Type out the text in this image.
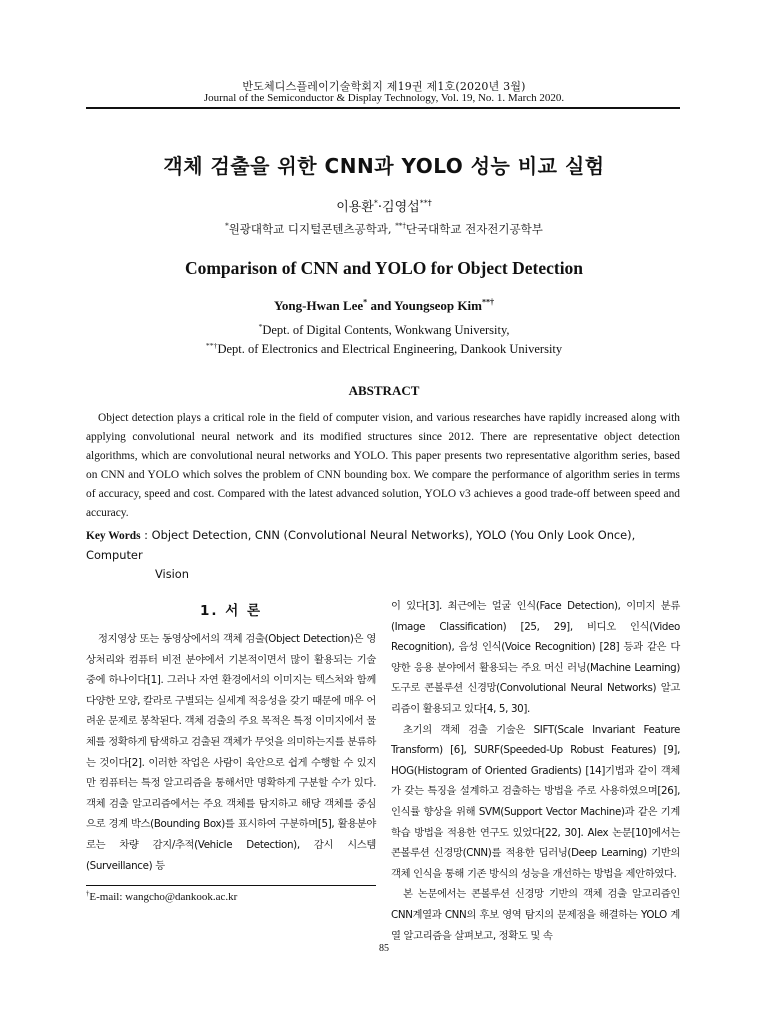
반도체디스플레이기술학회지 제19권 제1호(2020년 3월)
Journal of the Semiconductor & Display Technology, Vol. 19, No. 1. March 2020.
객체 검출을 위한 CNN과 YOLO 성능 비교 실험
이용환*·김영섭**†
*원광대학교 디지털콘텐츠공학과, **†단국대학교 전자전기공학부
Comparison of CNN and YOLO for Object Detection
Yong-Hwan Lee* and Youngseop Kim**†
*Dept. of Digital Contents, Wonkwang University,
**†Dept. of Electronics and Electrical Engineering, Dankook University
ABSTRACT

Object detection plays a critical role in the field of computer vision, and various researches have rapidly increased along with applying convolutional neural network and its modified structures since 2012. There are representative object detection algorithms, which are convolutional neural networks and YOLO. This paper presents two representative algorithm series, based on CNN and YOLO which solves the problem of CNN bounding box. We compare the performance of algorithm series in terms of accuracy, speed and cost. Compared with the latest advanced solution, YOLO v3 achieves a good trade-off between speed and accuracy.

Key Words : Object Detection, CNN (Convolutional Neural Networks), YOLO (You Only Look Once), Computer
Vision
1. 서 론

정지영상 또는 동영상에서의 객체 검출(Object Detection)은 영상처리와 컴퓨터 비전 분야에서 기본적이면서 많이 활용되는 기술 중에 하나이다[1]. 그러나 자연 환경에서의 이미지는 텍스처와 함께 다양한 모양, 칼라로 구별되는 실세계 적응성을 갖기 때문에 매우 어려운 문제로 봉착된다. 객체 검출의 주요 목적은 특정 이미지에서 물체를 정확하게 탐색하고 검출된 객체가 무엇을 의미하는지를 분류하는 것이다[2]. 이러한 작업은 사람이 육안으로 쉽게 수행할 수 있지만 컴퓨터는 특정 알고리즘을 통해서만 명확하게 구분할 수가 있다. 객체 검출 알고리즘에서는 주요 객체를 탐지하고 해당 객체를 중심으로 경계 박스(Bounding Box)를 표시하여 구분하며[5], 활용분야로는 차량 감지/추적(Vehicle Detection), 감시 시스템(Surveillance) 등

이 있다[3]. 최근에는 얼굴 인식(Face Detection), 이미지 분류(Image Classification) [25, 29], 비디오 인식(Video Recognition), 음성 인식(Voice Recognition) [28] 등과 같은 다양한 응용 분야에서 활용되는 주요 머신 러닝(Machine Learning) 도구로 콘볼루션 신경망(Convolutional Neural Networks) 알고리즘이 활용되고 있다[4, 5, 30].

초기의 객체 검출 기술은 SIFT(Scale Invariant Feature Transform) [6], SURF(Speeded-Up Robust Features) [9], HOG(Histogram of Oriented Gradients) [14]기법과 같이 객체가 갖는 특징을 설계하고 검출하는 방법을 주로 사용하였으며[26], 인식률 향상을 위해 SVM(Support Vector Machine)과 같은 기계 학습 방법을 적용한 연구도 있었다[22, 30]. Alex 논문[10]에서는 콘볼루션 신경망(CNN)를 적용한 딥러닝(Deep Learning) 기반의 객체 인식을 통해 기존 방식의 성능을 개선하는 방법을 제안하였다.

본 논문에서는 콘볼루션 신경망 기반의 객체 검출 알고리즘인 CNN계열과 CNN의 후보 영역 탐지의 문제점을 해결하는 YOLO 계열 알고리즘을 살펴보고, 정확도 및 속

†E-mail: wangcho@dankook.ac.kr
85
